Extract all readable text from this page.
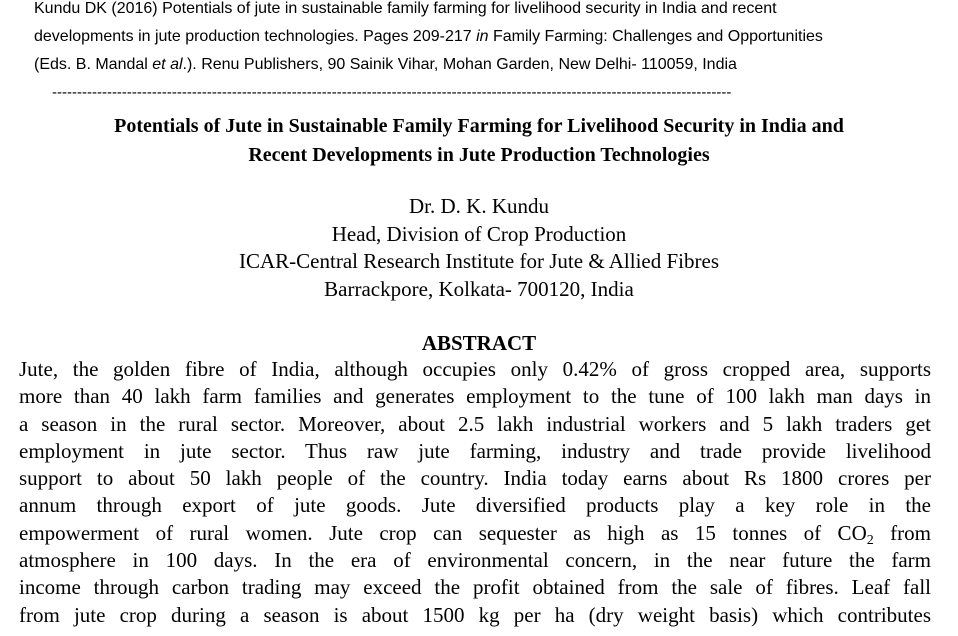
Kundu DK (2016) Potentials of jute in sustainable family farming for livelihood security in India and recent
developments in jute production technologies. Pages 209-217 in Family Farming: Challenges and Opportunities
(Eds. B. Mandal et al.). Renu Publishers, 90 Sainik Vihar, Mohan Garden, New Delhi- 110059, India
----------------------------------------------------------------------------------------------------------------------------------------
Potentials of Jute in Sustainable Family Farming for Livelihood Security in India and
Recent Developments in Jute Production Technologies
Dr. D. K. Kundu
Head, Division of Crop Production
ICAR-Central Research Institute for Jute & Allied Fibres
Barrackpore, Kolkata- 700120, India
ABSTRACT
Jute, the golden fibre of India, although occupies only 0.42% of gross cropped area, supports
more than 40 lakh farm families and generates employment to the tune of 100 lakh man days in
a season in the rural sector. Moreover, about 2.5 lakh industrial workers and 5 lakh traders get
employment in jute sector. Thus raw jute farming, industry and trade provide livelihood
support to about 50 lakh people of the country. India today earns about Rs 1800 crores per
annum through export of jute goods. Jute diversified products play a key role in the
empowerment of rural women. Jute crop can sequester as high as 15 tonnes of $CO_2$ from
atmosphere in 100 days. In the era of environmental concern, in the near future the farm
income through carbon trading may exceed the profit obtained from the sale of fibres. Leaf fall
from jute crop during a season is about 1500 kg per ha (dry weight basis) which contributes
